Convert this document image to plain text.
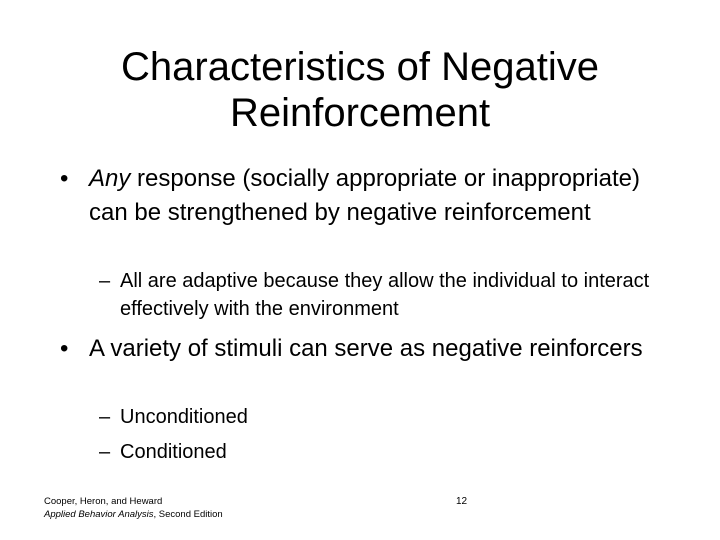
Characteristics of Negative
Reinforcement
• Any response (socially appropriate or inappropriate) can be strengthened by negative reinforcement
– All are adaptive because they allow the individual to interact effectively with the environment
• A variety of stimuli can serve as negative reinforcers
– Unconditioned
– Conditioned
Cooper, Heron, and Heward
Applied Behavior Analysis, Second Edition
12
